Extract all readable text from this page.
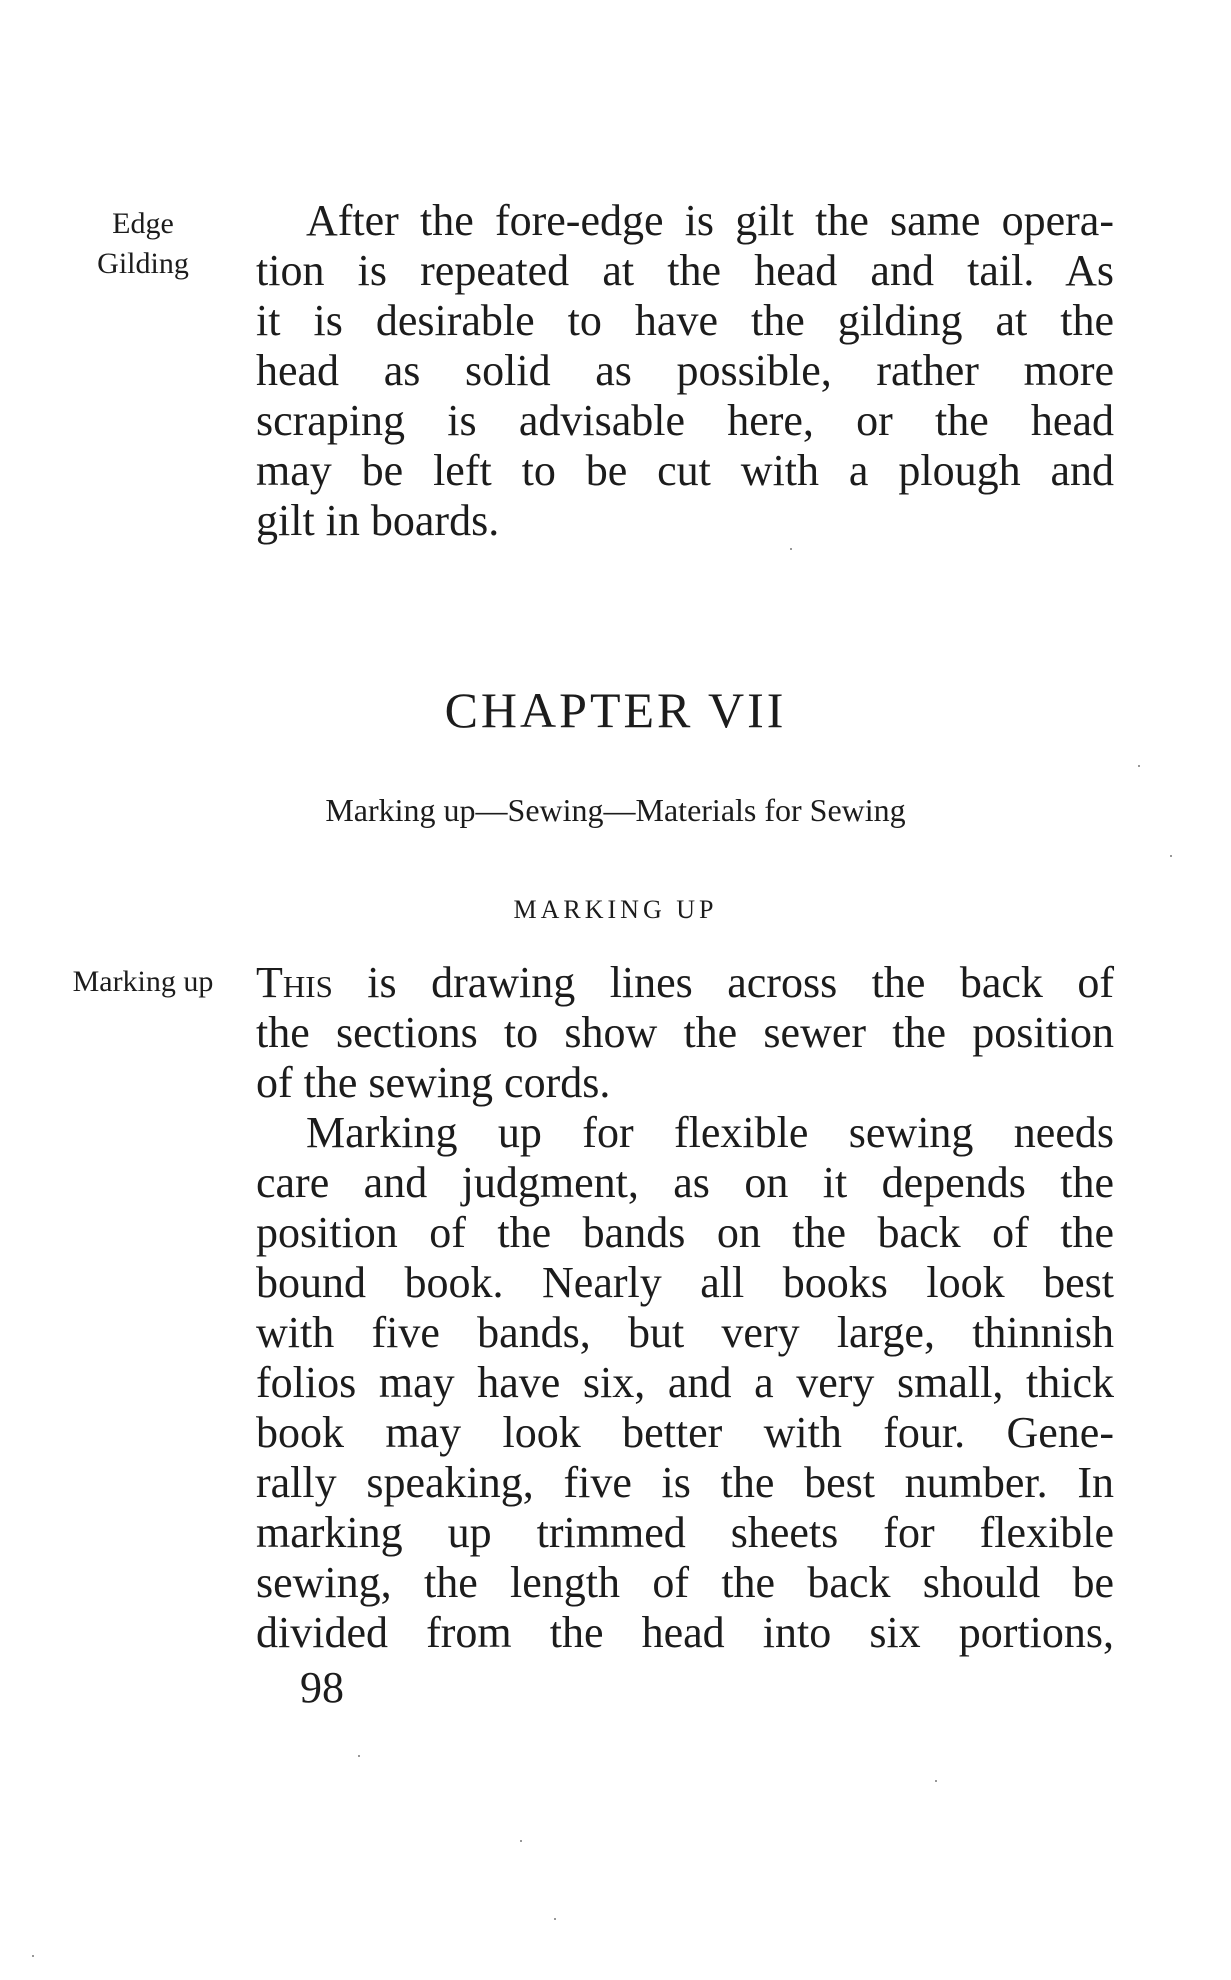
Edge
Gilding
After the fore-edge is gilt the same opera-
tion is repeated at the head and tail. As
it is desirable to have the gilding at the
head as solid as possible, rather more
scraping is advisable here, or the head
may be left to be cut with a plough and
gilt in boards.
CHAPTER VII
Marking up—Sewing—Materials for Sewing
MARKING UP
Marking up This is drawing lines across the back of
the sections to show the sewer the position
of the sewing cords.
Marking up for flexible sewing needs
care and judgment, as on it depends the
position of the bands on the back of the
bound book. Nearly all books look best
with five bands, but very large, thinnish
folios may have six, and a very small, thick
book may look better with four. Gene-
rally speaking, five is the best number. In
marking up trimmed sheets for flexible
sewing, the length of the back should be
divided from the head into six portions,
98
